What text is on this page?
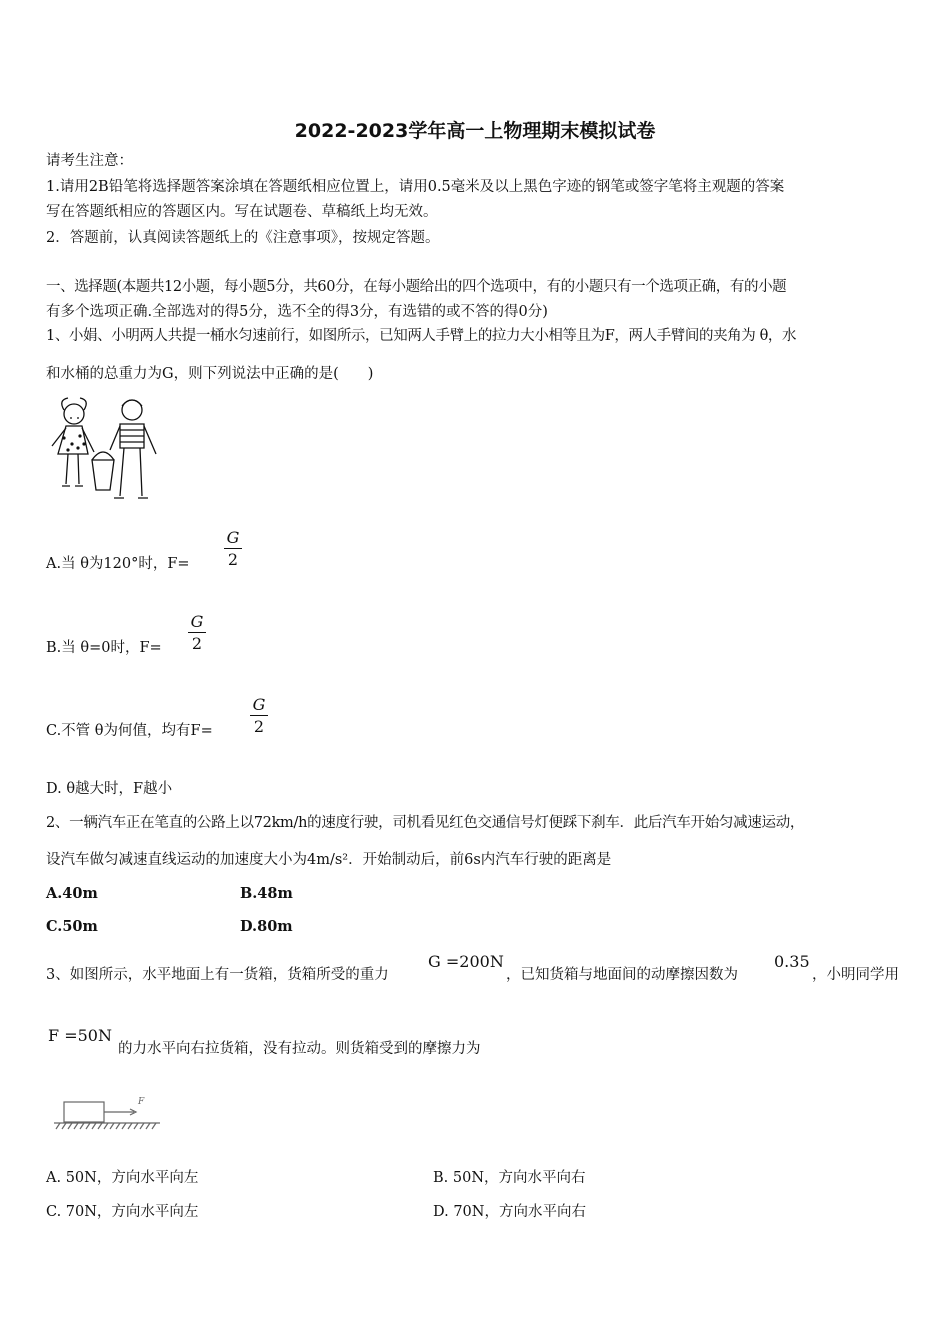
2022-2023学年高一上物理期末模拟试卷
请考生注意：
1.请用2B铅笔将选择题答案涂填在答题纸相应位置上，请用0.5毫米及以上黑色字迹的钢笔或签字笔将主观题的答案
写在答题纸相应的答题区内。写在试题卷、草稿纸上均无效。
2．答题前，认真阅读答题纸上的《注意事项》，按规定答题。
一、选择题(本题共12小题，每小题5分，共60分，在每小题给出的四个选项中，有的小题只有一个选项正确，有的小题
有多个选项正确.全部选对的得5分，选不全的得3分，有选错的或不答的得0分)
1、小娟、小明两人共提一桶水匀速前行，如图所示，已知两人手臂上的拉力大小相等且为F，两人手臂间的夹角为 θ，水
和水桶的总重力为G，则下列说法中正确的是(　　)
A.当 θ为120°时，F=
G
2
B.当 θ=0时，F=
G
2
C.不管 θ为何值，均有F=
G
2
D. θ越大时，F越小
2、一辆汽车正在笔直的公路上以72km/h的速度行驶，司机看见红色交通信号灯便踩下刹车．此后汽车开始匀减速运动，
设汽车做匀减速直线运动的加速度大小为4m/s²．开始制动后，前6s内汽车行驶的距离是
A.40m	B.48m
C.50m	D.80m
3、如图所示，水平地面上有一货箱，货箱所受的重力
G =200N
，已知货箱与地面间的动摩擦因数为
0.35
，小明同学用
F =50N
的力水平向右拉货箱，没有拉动。则货箱受到的摩擦力为
F
A. 50N，方向水平向左	B. 50N，方向水平向右
C. 70N，方向水平向左	D. 70N，方向水平向右
